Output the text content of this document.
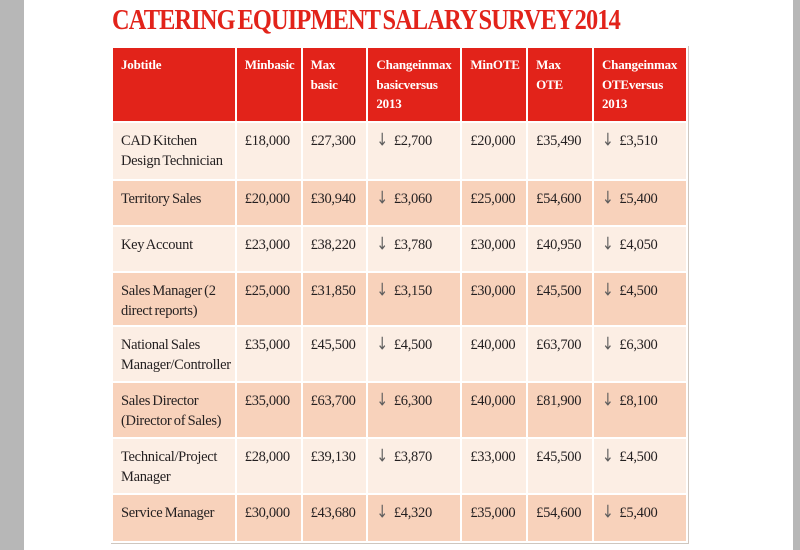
CATERING EQUIPMENT SALARY SURVEY 2014
Job title	Min basic	Max basic	Change in max basic versus 2013	Min OTE	Max OTE	Change in max OTE versus 2013
CAD Kitchen Design Technician	£18,000	£27,300	↓ £2,700	£20,000	£35,490	↓ £3,510
Territory Sales	£20,000	£30,940	↓ £3,060	£25,000	£54,600	↓ £5,400
Key Account	£23,000	£38,220	↓ £3,780	£30,000	£40,950	↓ £4,050
Sales Manager (2 direct reports)	£25,000	£31,850	↓ £3,150	£30,000	£45,500	↓ £4,500
National Sales Manager/Controller	£35,000	£45,500	↓ £4,500	£40,000	£63,700	↓ £6,300
Sales Director (Director of Sales)	£35,000	£63,700	↓ £6,300	£40,000	£81,900	↓ £8,100
Technical/Project Manager	£28,000	£39,130	↓ £3,870	£33,000	£45,500	↓ £4,500
Service Manager	£30,000	£43,680	↓ £4,320	£35,000	£54,600	↓ £5,400
